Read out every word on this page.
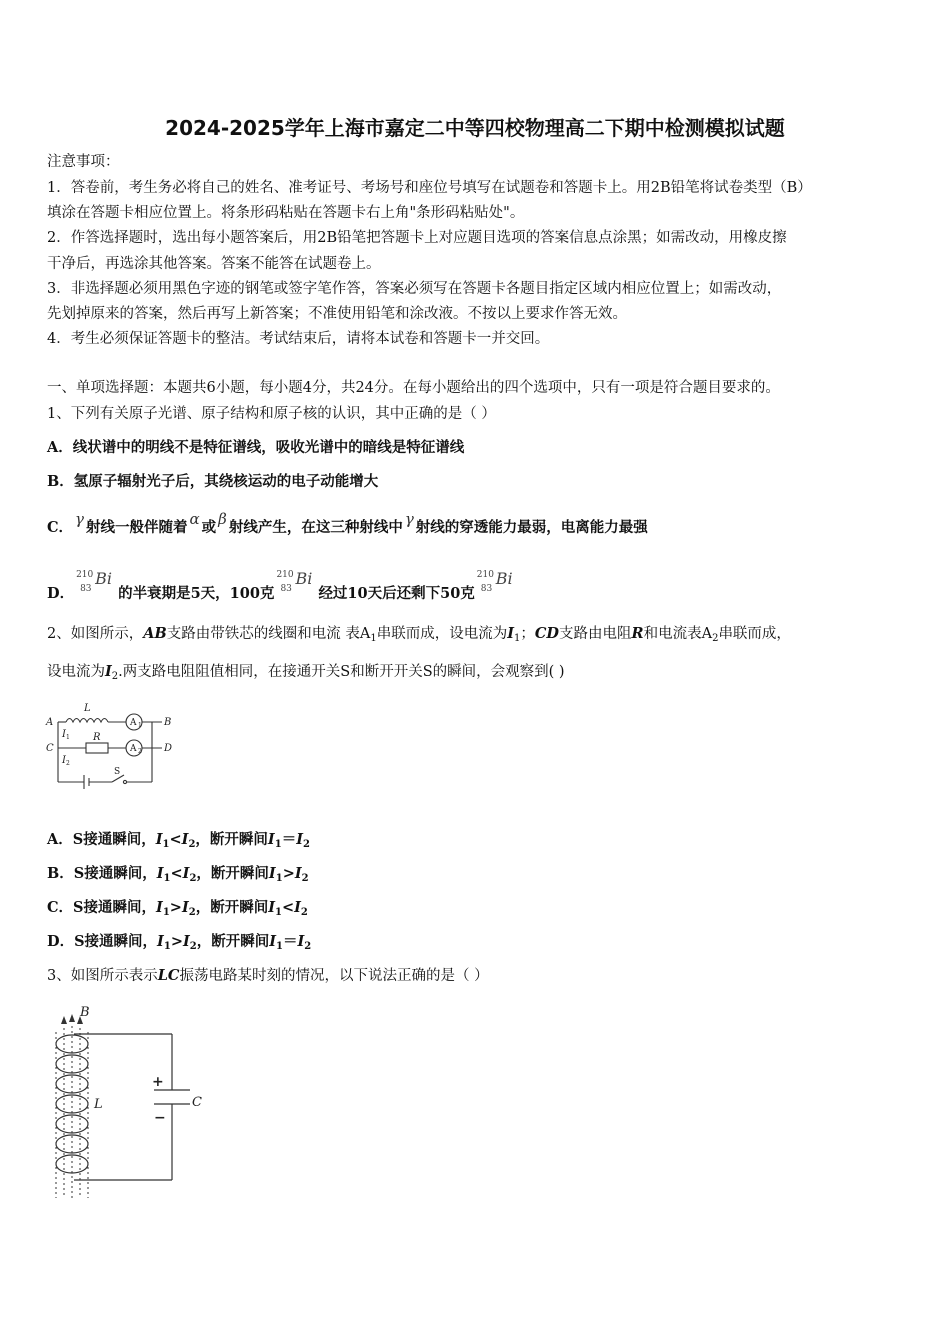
2024-2025学年上海市嘉定二中等四校物理高二下期中检测模拟试题
注意事项：
1．答卷前，考生务必将自己的姓名、准考证号、考场号和座位号填写在试题卷和答题卡上。用2B铅笔将试卷类型（B）
填涂在答题卡相应位置上。将条形码粘贴在答题卡右上角"条形码粘贴处"。
2．作答选择题时，选出每小题答案后，用2B铅笔把答题卡上对应题目选项的答案信息点涂黑；如需改动，用橡皮擦
干净后，再选涂其他答案。答案不能答在试题卷上。
3．非选择题必须用黑色字迹的钢笔或签字笔作答，答案必须写在答题卡各题目指定区域内相应位置上；如需改动，
先划掉原来的答案，然后再写上新答案；不准使用铅笔和涂改液。不按以上要求作答无效。
4．考生必须保证答题卡的整洁。考试结束后，请将本试卷和答题卡一并交回。
一、单项选择题：本题共6小题，每小题4分，共24分。在每小题给出的四个选项中，只有一项是符合题目要求的。
1、下列有关原子光谱、原子结构和原子核的认识，其中正确的是（ ）
A．线状谱中的明线不是特征谱线，吸收光谱中的暗线是特征谱线
B．氢原子辐射光子后，其绕核运动的电子动能增大
C． γ 射线一般伴随着 α 或 β 射线产生，在这三种射线中 γ 射线的穿透能力最弱，电离能力最强
D．
210
83
Bi
的半衰期是5天，100克
210
83
Bi
经过10天后还剩下50克
210
83
Bi
2、如图所示，AB支路由带铁芯的线圈和电流 表$A_1$串联而成，设电流为$I_1$；CD支路由电阻R和电流表$A_2$串联而成，
设电流为$I_2$.两支路电阻阻值相同，在接通开关S和断开开关S的瞬间，会观察到( )
A	B
C	D
L
R
I
I
1
2
1
2
A
A
S
A．S接通瞬间，$I_1<I_2$，断开瞬间$I_1=I_2$
B．S接通瞬间，$I_1<I_2$，断开瞬间$I_1>I_2$
C．S接通瞬间，$I_1>I_2$，断开瞬间$I_1<I_2$
D．S接通瞬间，$I_1>I_2$，断开瞬间$I_1=I_2$
3、如图所示表示LC振荡电路某时刻的情况，以下说法正确的是（ ）
B
L	C
+
−
